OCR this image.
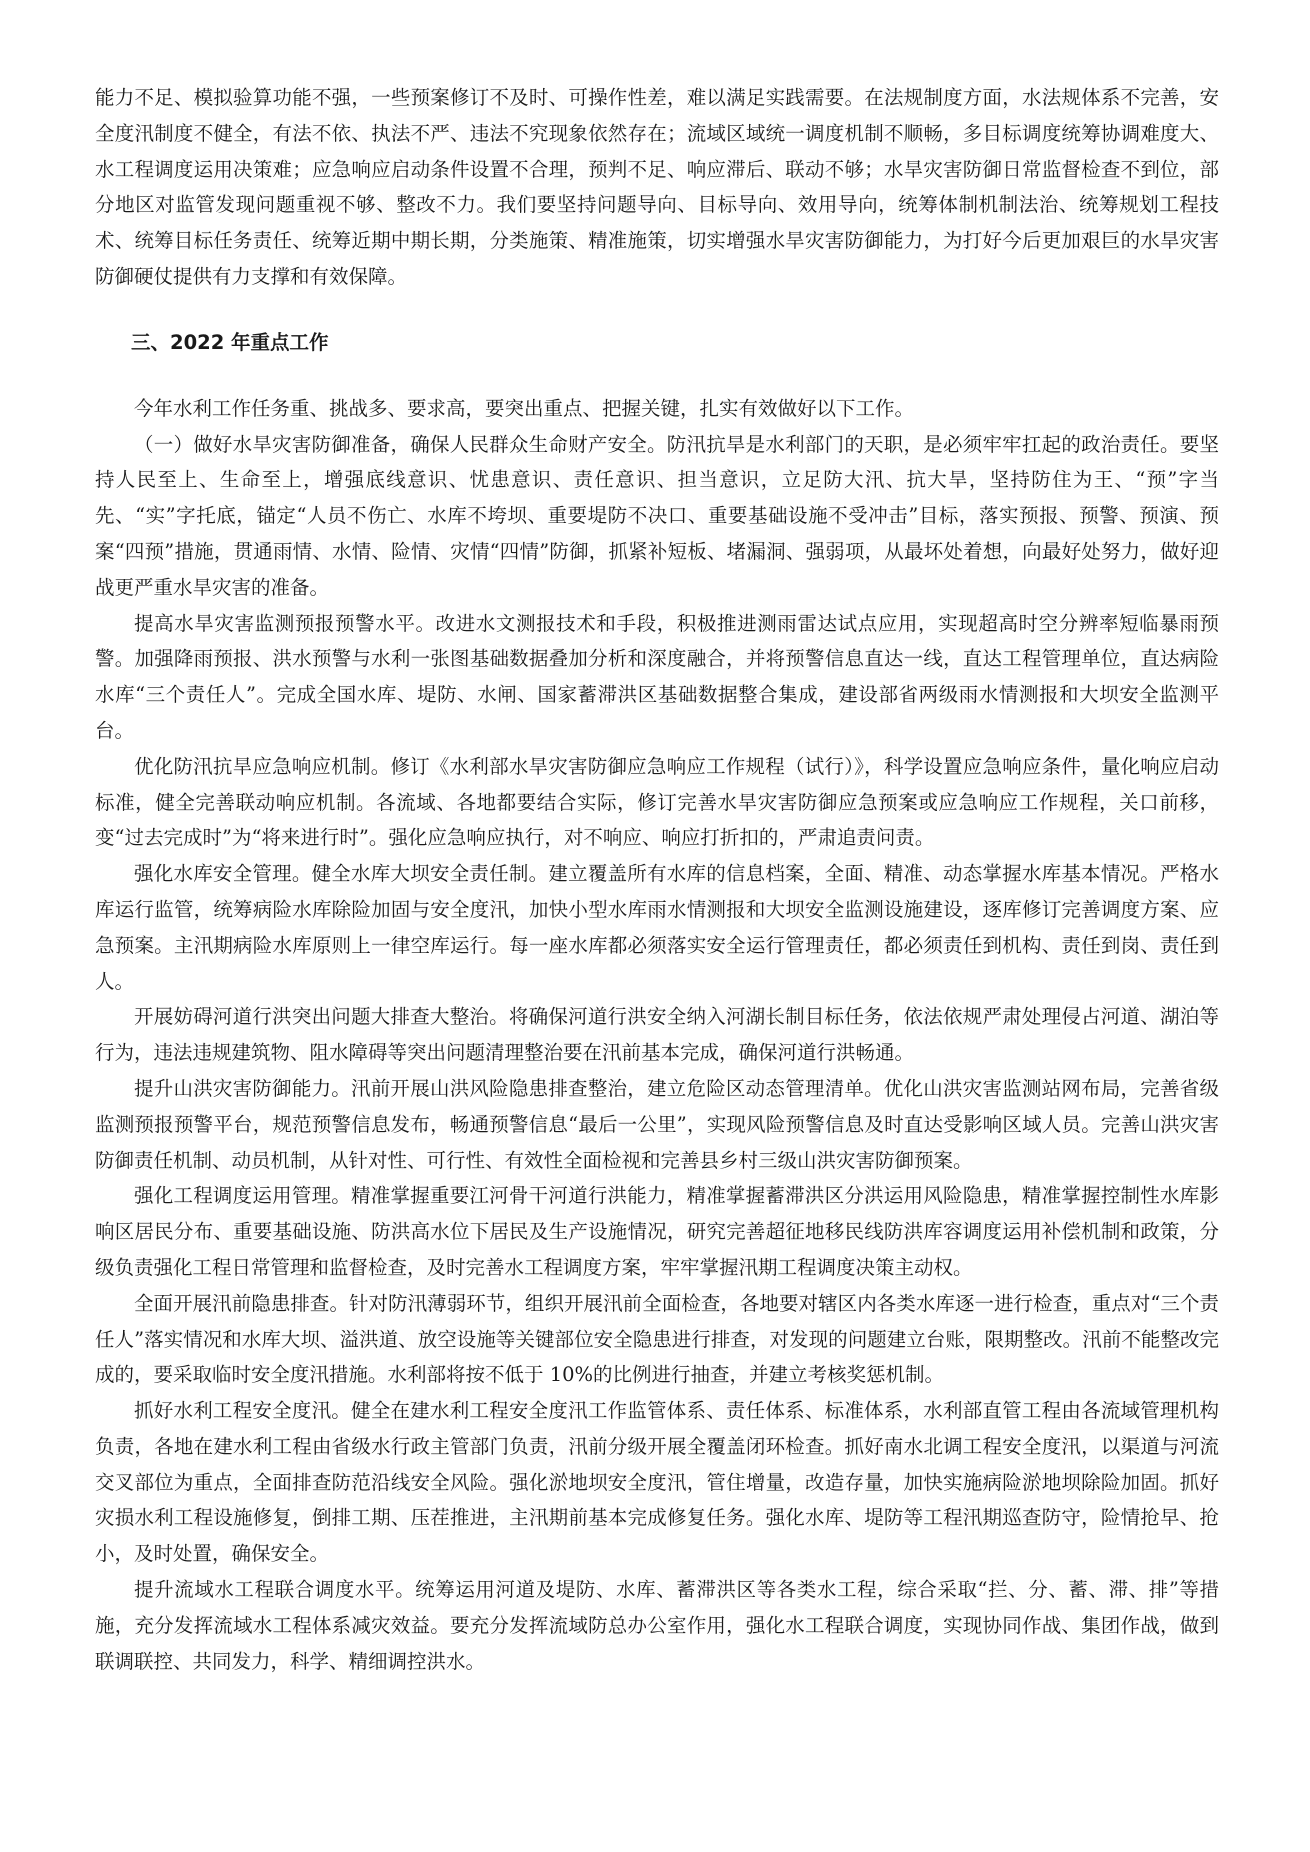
能力不足、模拟验算功能不强，一些预案修订不及时、可操作性差，难以满足实践需要。在法规制度方面，水法规体系不完善，安全度汛制度不健全，有法不依、执法不严、违法不究现象依然存在；流域区域统一调度机制不顺畅，多目标调度统筹协调难度大、水工程调度运用决策难；应急响应启动条件设置不合理，预判不足、响应滞后、联动不够；水旱灾害防御日常监督检查不到位，部分地区对监管发现问题重视不够、整改不力。我们要坚持问题导向、目标导向、效用导向，统筹体制机制法治、统筹规划工程技术、统筹目标任务责任、统筹近期中期长期，分类施策、精准施策，切实增强水旱灾害防御能力，为打好今后更加艰巨的水旱灾害防御硬仗提供有力支撑和有效保障。

三、2022 年重点工作

今年水利工作任务重、挑战多、要求高，要突出重点、把握关键，扎实有效做好以下工作。

（一）做好水旱灾害防御准备，确保人民群众生命财产安全。防汛抗旱是水利部门的天职，是必须牢牢扛起的政治责任。要坚持人民至上、生命至上，增强底线意识、忧患意识、责任意识、担当意识，立足防大汛、抗大旱，坚持防住为王、“预”字当先、“实”字托底，锚定“人员不伤亡、水库不垮坝、重要堤防不决口、重要基础设施不受冲击”目标，落实预报、预警、预演、预案“四预”措施，贯通雨情、水情、险情、灾情“四情”防御，抓紧补短板、堵漏洞、强弱项，从最坏处着想，向最好处努力，做好迎战更严重水旱灾害的准备。

提高水旱灾害监测预报预警水平。改进水文测报技术和手段，积极推进测雨雷达试点应用，实现超高时空分辨率短临暴雨预警。加强降雨预报、洪水预警与水利一张图基础数据叠加分析和深度融合，并将预警信息直达一线，直达工程管理单位，直达病险水库“三个责任人”。完成全国水库、堤防、水闸、国家蓄滞洪区基础数据整合集成，建设部省两级雨水情测报和大坝安全监测平台。

优化防汛抗旱应急响应机制。修订《水利部水旱灾害防御应急响应工作规程（试行）》，科学设置应急响应条件，量化响应启动标准，健全完善联动响应机制。各流域、各地都要结合实际，修订完善水旱灾害防御应急预案或应急响应工作规程，关口前移，变“过去完成时”为“将来进行时”。强化应急响应执行，对不响应、响应打折扣的，严肃追责问责。

强化水库安全管理。健全水库大坝安全责任制。建立覆盖所有水库的信息档案，全面、精准、动态掌握水库基本情况。严格水库运行监管，统筹病险水库除险加固与安全度汛，加快小型水库雨水情测报和大坝安全监测设施建设，逐库修订完善调度方案、应急预案。主汛期病险水库原则上一律空库运行。每一座水库都必须落实安全运行管理责任，都必须责任到机构、责任到岗、责任到人。

开展妨碍河道行洪突出问题大排查大整治。将确保河道行洪安全纳入河湖长制目标任务，依法依规严肃处理侵占河道、湖泊等行为，违法违规建筑物、阻水障碍等突出问题清理整治要在汛前基本完成，确保河道行洪畅通。

提升山洪灾害防御能力。汛前开展山洪风险隐患排查整治，建立危险区动态管理清单。优化山洪灾害监测站网布局，完善省级监测预报预警平台，规范预警信息发布，畅通预警信息“最后一公里”，实现风险预警信息及时直达受影响区域人员。完善山洪灾害防御责任机制、动员机制，从针对性、可行性、有效性全面检视和完善县乡村三级山洪灾害防御预案。

强化工程调度运用管理。精准掌握重要江河骨干河道行洪能力，精准掌握蓄滞洪区分洪运用风险隐患，精准掌握控制性水库影响区居民分布、重要基础设施、防洪高水位下居民及生产设施情况，研究完善超征地移民线防洪库容调度运用补偿机制和政策，分级负责强化工程日常管理和监督检查，及时完善水工程调度方案，牢牢掌握汛期工程调度决策主动权。

全面开展汛前隐患排查。针对防汛薄弱环节，组织开展汛前全面检查，各地要对辖区内各类水库逐一进行检查，重点对“三个责任人”落实情况和水库大坝、溢洪道、放空设施等关键部位安全隐患进行排查，对发现的问题建立台账，限期整改。汛前不能整改完成的，要采取临时安全度汛措施。水利部将按不低于 10%的比例进行抽查，并建立考核奖惩机制。

抓好水利工程安全度汛。健全在建水利工程安全度汛工作监管体系、责任体系、标准体系，水利部直管工程由各流域管理机构负责，各地在建水利工程由省级水行政主管部门负责，汛前分级开展全覆盖闭环检查。抓好南水北调工程安全度汛，以渠道与河流交叉部位为重点，全面排查防范沿线安全风险。强化淤地坝安全度汛，管住增量，改造存量，加快实施病险淤地坝除险加固。抓好灾损水利工程设施修复，倒排工期、压茬推进，主汛期前基本完成修复任务。强化水库、堤防等工程汛期巡查防守，险情抢早、抢小，及时处置，确保安全。

提升流域水工程联合调度水平。统筹运用河道及堤防、水库、蓄滞洪区等各类水工程，综合采取“拦、分、蓄、滞、排”等措施，充分发挥流域水工程体系减灾效益。要充分发挥流域防总办公室作用，强化水工程联合调度，实现协同作战、集团作战，做到联调联控、共同发力，科学、精细调控洪水。
